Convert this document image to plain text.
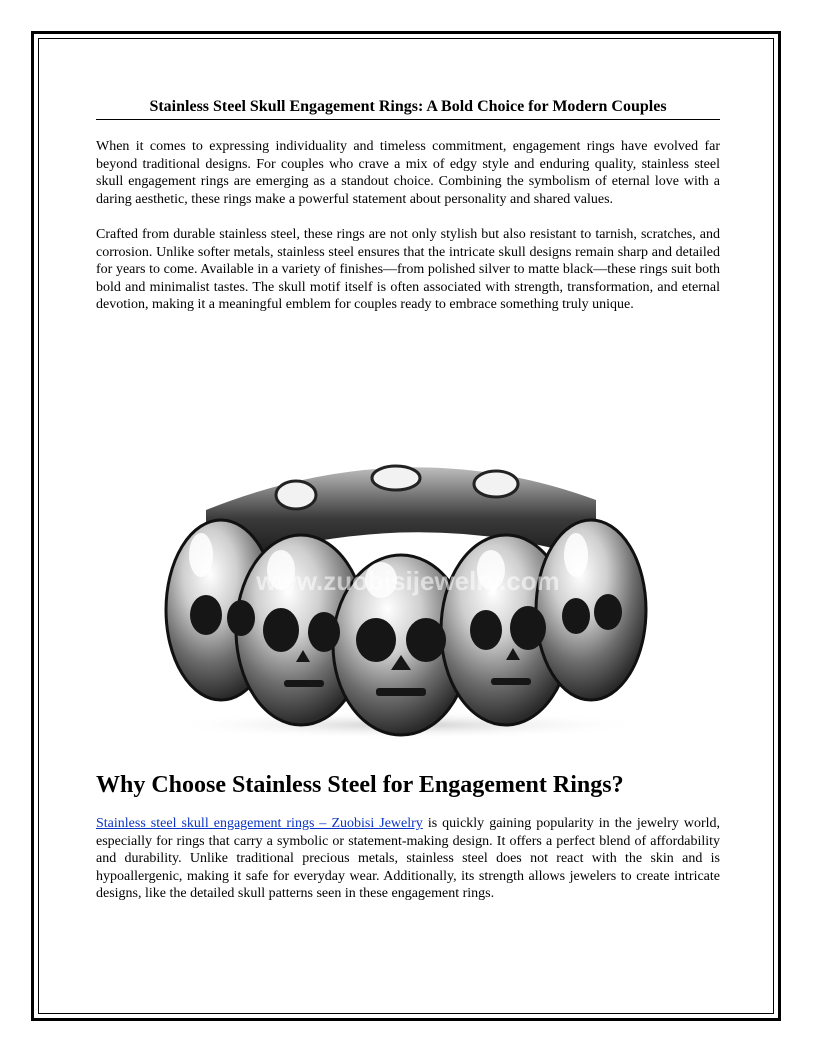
Stainless Steel Skull Engagement Rings: A Bold Choice for Modern Couples

When it comes to expressing individuality and timeless commitment, engagement rings have evolved far beyond traditional designs. For couples who crave a mix of edgy style and enduring quality, stainless steel skull engagement rings are emerging as a standout choice. Combining the symbolism of eternal love with a daring aesthetic, these rings make a powerful statement about personality and shared values.

Crafted from durable stainless steel, these rings are not only stylish but also resistant to tarnish, scratches, and corrosion. Unlike softer metals, stainless steel ensures that the intricate skull designs remain sharp and detailed for years to come. Available in a variety of finishes—from polished silver to matte black—these rings suit both bold and minimalist tastes. The skull motif itself is often associated with strength, transformation, and eternal devotion, making it a meaningful emblem for couples ready to embrace something truly unique.

www.zuobisijewelry.com
Why Choose Stainless Steel for Engagement Rings?

Stainless steel skull engagement rings – Zuobisi Jewelry is quickly gaining popularity in the jewelry world, especially for rings that carry a symbolic or statement-making design. It offers a perfect blend of affordability and durability. Unlike traditional precious metals, stainless steel does not react with the skin and is hypoallergenic, making it safe for everyday wear. Additionally, its strength allows jewelers to create intricate designs, like the detailed skull patterns seen in these engagement rings.
